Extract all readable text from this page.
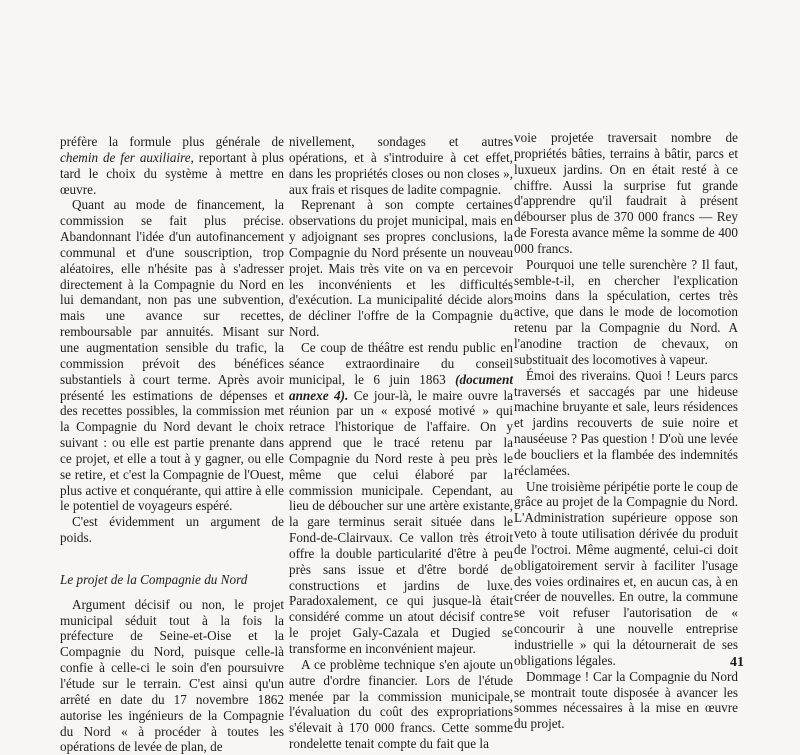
préfère la formule plus générale de chemin de fer auxiliaire, reportant à plus tard le choix du système à mettre en œuvre.

Quant au mode de financement, la commission se fait plus précise. Abandonnant l'idée d'un autofinancement communal et d'une souscription, trop aléatoires, elle n'hésite pas à s'adresser directement à la Compagnie du Nord en lui demandant, non pas une subvention, mais une avance sur recettes, remboursable par annuités. Misant sur une augmentation sensible du trafic, la commission prévoit des bénéfices substantiels à court terme. Après avoir présenté les estimations de dépenses et des recettes possibles, la commission met la Compagnie du Nord devant le choix suivant : ou elle est partie prenante dans ce projet, et elle a tout à y gagner, ou elle se retire, et c'est la Compagnie de l'Ouest, plus active et conquérante, qui attire à elle le potentiel de voyageurs espéré.

C'est évidemment un argument de poids.

Le projet de la Compagnie du Nord

Argument décisif ou non, le projet municipal séduit tout à la fois la préfecture de Seine-et-Oise et la Compagnie du Nord, puisque celle-là confie à celle-ci le soin d'en poursuivre l'étude sur le terrain. C'est ainsi qu'un arrêté en date du 17 novembre 1862 autorise les ingénieurs de la Compagnie du Nord « à procéder à toutes les opérations de levée de plan, de

nivellement, sondages et autres opérations, et à s'introduire à cet effet, dans les propriétés closes ou non closes », aux frais et risques de ladite compagnie.

Reprenant à son compte certaines observations du projet municipal, mais en y adjoignant ses propres conclusions, la Compagnie du Nord présente un nouveau projet. Mais très vite on va en percevoir les inconvénients et les difficultés d'exécution. La municipalité décide alors de décliner l'offre de la Compagnie du Nord.

Ce coup de théâtre est rendu public en séance extraordinaire du conseil municipal, le 6 juin 1863 (document annexe 4). Ce jour-là, le maire ouvre la réunion par un « exposé motivé » qui retrace l'historique de l'affaire. On y apprend que le tracé retenu par la Compagnie du Nord reste à peu près le même que celui élaboré par la commission municipale. Cependant, au lieu de déboucher sur une artère existante, la gare terminus serait située dans le Fond-de-Clairvaux. Ce vallon très étroit offre la double particularité d'être à peu près sans issue et d'être bordé de constructions et jardins de luxe. Paradoxalement, ce qui jusque-là était considéré comme un atout décisif contre le projet Galy-Cazala et Dugied se transforme en inconvénient majeur.

A ce problème technique s'en ajoute un autre d'ordre financier. Lors de l'étude menée par la commission municipale, l'évaluation du coût des expropriations s'élevait à 170 000 francs. Cette somme rondelette tenait compte du fait que la

voie projetée traversait nombre de propriétés bâties, terrains à bâtir, parcs et luxueux jardins. On en était resté à ce chiffre. Aussi la surprise fut grande d'apprendre qu'il faudrait à présent débourser plus de 370 000 francs — Rey de Foresta avance même la somme de 400 000 francs.

Pourquoi une telle surenchère ? Il faut, semble-t-il, en chercher l'explication moins dans la spéculation, certes très active, que dans le mode de locomotion retenu par la Compagnie du Nord. A l'anodine traction de chevaux, on substituait des locomotives à vapeur.

Émoi des riverains. Quoi ! Leurs parcs traversés et saccagés par une hideuse machine bruyante et sale, leurs résidences et jardins recouverts de suie noire et nauséeuse ? Pas question ! D'où une levée de boucliers et la flambée des indemnités réclamées.

Une troisième péripétie porte le coup de grâce au projet de la Compagnie du Nord. L'Administration supérieure oppose son veto à toute utilisation dérivée du produit de l'octroi. Même augmenté, celui-ci doit obligatoirement servir à faciliter l'usage des voies ordinaires et, en aucun cas, à en créer de nouvelles. En outre, la commune se voit refuser l'autorisation de « concourir à une nouvelle entreprise industrielle » qui la détournerait de ses obligations légales.

Dommage ! Car la Compagnie du Nord se montrait toute disposée à avancer les sommes nécessaires à la mise en œuvre du projet.

41
